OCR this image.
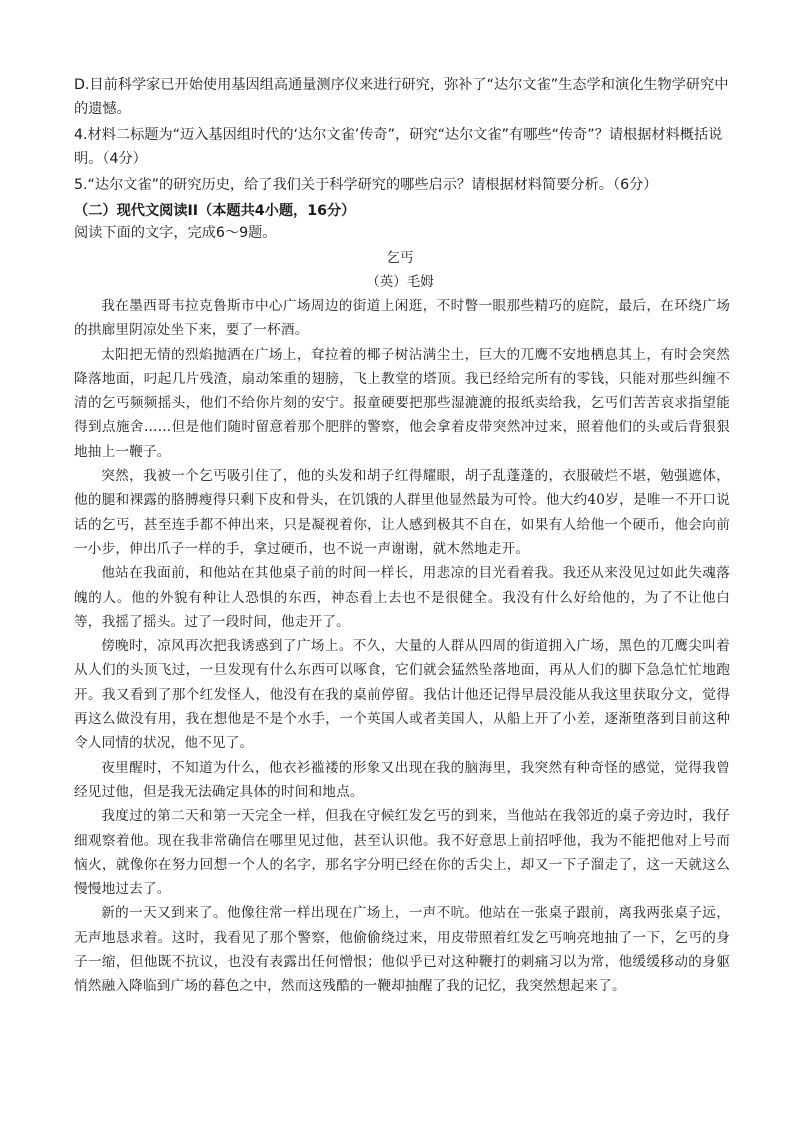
D.目前科学家已开始使用基因组高通量测序仪来进行研究，弥补了“达尔文雀”生态学和演化生物学研究中的遗憾。
4.材料二标题为“迈入基因组时代的‘达尔文雀’传奇”，研究“达尔文雀”有哪些“传奇”？请根据材料概括说明。（4分）
5.“达尔文雀”的研究历史，给了我们关于科学研究的哪些启示？请根据材料简要分析。（6分）
（二）现代文阅读II（本题共4小题，16分）
阅读下面的文字，完成6～9题。
乞丐
（英）毛姆

我在墨西哥韦拉克鲁斯市中心广场周边的街道上闲逛，不时瞥一眼那些精巧的庭院，最后，在环绕广场的拱廊里阴凉处坐下来，要了一杯酒。

太阳把无情的烈焰抛洒在广场上，耷拉着的椰子树沾满尘土，巨大的兀鹰不安地栖息其上，有时会突然降落地面，叼起几片残渣，扇动笨重的翅膀，飞上教堂的塔顶。我已经给完所有的零钱，只能对那些纠缠不清的乞丐频频摇头，他们不给你片刻的安宁。报童硬要把那些湿漉漉的报纸卖给我，乞丐们苦苦哀求指望能得到点施舍……但是他们随时留意着那个肥胖的警察，他会拿着皮带突然冲过来，照着他们的头或后背狠狠地抽上一鞭子。

突然，我被一个乞丐吸引住了，他的头发和胡子红得耀眼，胡子乱蓬蓬的，衣服破烂不堪，勉强遮体，他的腿和裸露的胳膊瘦得只剩下皮和骨头，在饥饿的人群里他显然最为可怜。他大约40岁，是唯一不开口说话的乞丐，甚至连手都不伸出来，只是凝视着你，让人感到极其不自在，如果有人给他一个硬币，他会向前一小步，伸出爪子一样的手，拿过硬币，也不说一声谢谢，就木然地走开。

他站在我面前，和他站在其他桌子前的时间一样长，用悲凉的目光看着我。我还从来没见过如此失魂落魄的人。他的外貌有种让人恐惧的东西，神态看上去也不是很健全。我没有什么好给他的，为了不让他白等，我摇了摇头。过了一段时间，他走开了。

傍晚时，凉风再次把我诱惑到了广场上。不久，大量的人群从四周的街道拥入广场，黑色的兀鹰尖叫着从人们的头顶飞过，一旦发现有什么东西可以啄食，它们就会猛然坠落地面，再从人们的脚下急急忙忙地跑开。我又看到了那个红发怪人，他没有在我的桌前停留。我估计他还记得早晨没能从我这里获取分文，觉得再这么做没有用，我在想他是不是个水手，一个英国人或者美国人，从船上开了小差，逐渐堕落到目前这种令人同情的状况，他不见了。

夜里醒时，不知道为什么，他衣衫褴褛的形象又出现在我的脑海里，我突然有种奇怪的感觉，觉得我曾经见过他，但是我无法确定具体的时间和地点。

我度过的第二天和第一天完全一样，但我在守候红发乞丐的到来，当他站在我邻近的桌子旁边时，我仔细观察着他。现在我非常确信在哪里见过他，甚至认识他。我不好意思上前招呼他，我为不能把他对上号而恼火，就像你在努力回想一个人的名字，那名字分明已经在你的舌尖上，却又一下子溜走了，这一天就这么慢慢地过去了。

新的一天又到来了。他像往常一样出现在广场上，一声不吭。他站在一张桌子跟前，离我两张桌子远，无声地恳求着。这时，我看见了那个警察，他偷偷绕过来，用皮带照着红发乞丐响亮地抽了一下，乞丐的身子一缩，但他既不抗议，也没有表露出任何憎恨；他似乎已对这种鞭打的刺痛习以为常，他缓缓移动的身躯悄然融入降临到广场的暮色之中，然而这残酷的一鞭却抽醒了我的记忆，我突然想起来了。
